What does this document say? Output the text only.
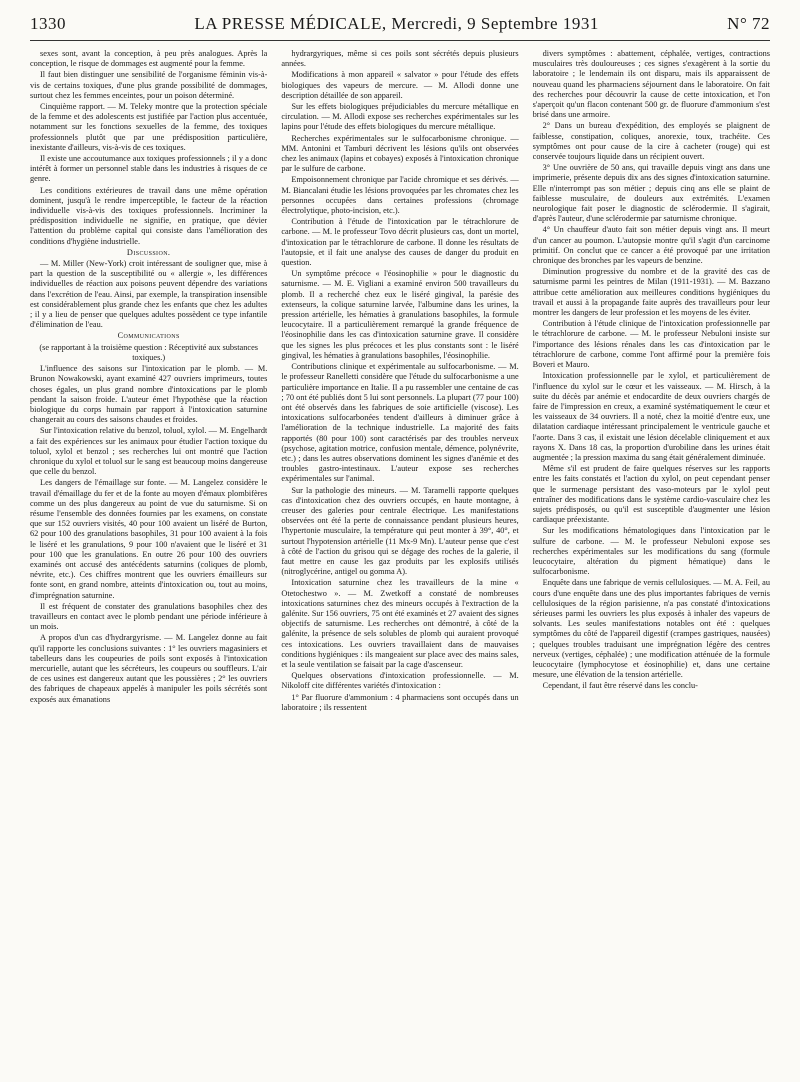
1330	LA PRESSE MÉDICALE, Mercredi, 9 Septembre 1931	N° 72

sexes sont, avant la conception, à peu près analogues. Après la conception, le risque de dommages est augmenté pour la femme.

Il faut bien distinguer une sensibilité de l'organisme féminin vis-à-vis de certains toxiques, d'une plus grande possibilité de dommages, surtout chez les femmes enceintes, pour un poison déterminé.

Cinquième rapport. — M. Teleky montre que la protection spéciale de la femme et des adolescents est justifiée par l'action plus accentuée, notamment sur les fonctions sexuelles de la femme, des toxiques professionnels plutôt que par une prédisposition particulière, inexistante d'ailleurs, vis-à-vis de ces toxiques.

Il existe une accoutumance aux toxiques professionnels ; il y a donc intérêt à former un personnel stable dans les industries à risques de ce genre.

Les conditions extérieures de travail dans une même opération dominent, jusqu'à le rendre imperceptible, le facteur de la réaction individuelle vis-à-vis des toxiques professionnels. Incriminer la prédisposition individuelle ne signifie, en pratique, que dévier l'attention du problème capital qui consiste dans l'amélioration des conditions d'hygiène industrielle.

Discussion.

— M. Miller (New-York) croit intéressant de souligner que, mise à part la question de la susceptibilité ou « allergie », les différences individuelles de réaction aux poisons peuvent dépendre des variations dans l'excrétion de l'eau. Ainsi, par exemple, la transpiration insensible est considérablement plus grande chez les enfants que chez les adultes ; il y a lieu de penser que quelques adultes possèdent ce type infantile d'élimination de l'eau.

Communications

(se rapportant à la troisième question : Réceptivité aux substances toxiques.)

L'influence des saisons sur l'intoxication par le plomb. — M. Brunon Nowakowski, ayant examiné 427 ouvriers imprimeurs, toutes choses égales, un plus grand nombre d'intoxications par le plomb pendant la saison froide. L'auteur émet l'hypothèse que la réaction biologique du corps humain par rapport à l'intoxication saturnine changerait au cours des saisons chaudes et froides.

Sur l'intoxication relative du benzol, toluol, xylol. — M. Engelhardt a fait des expériences sur les animaux pour étudier l'action toxique du toluol, xylol et benzol ; ses recherches lui ont montré que l'action chronique du xylol et toluol sur le sang est beaucoup moins dangereuse que celle du benzol.

Les dangers de l'émaillage sur fonte. — M. Langelez considère le travail d'émaillage du fer et de la fonte au moyen d'émaux plombifères comme un des plus dangereux au point de vue du saturnisme. Si on résume l'ensemble des données fournies par les examens, on constate que sur 152 ouvriers visités, 40 pour 100 avaient un liséré de Burton, 62 pour 100 des granulations basophiles, 31 pour 100 avaient à la fois le liséré et les granulations, 9 pour 100 n'avaient que le liséré et 31 pour 100 que les granulations. En outre 26 pour 100 des ouvriers examinés ont accusé des antécédents saturnins (coliques de plomb, névrite, etc.). Ces chiffres montrent que les ouvriers émailleurs sur fonte sont, en grand nombre, atteints d'intoxication ou, tout au moins, d'imprégnation saturnine.

Il est fréquent de constater des granulations basophiles chez des travailleurs en contact avec le plomb pendant une période inférieure à un mois.

A propos d'un cas d'hydrargyrisme. — M. Langelez donne au fait qu'il rapporte les conclusions suivantes : 1° les ouvriers magasiniers et tabelleurs dans les coupeuries de poils sont exposés à l'intoxication mercurielle, autant que les sécréteurs, les coupeurs ou souffleurs. L'air de ces usines est dangereux autant que les poussières ; 2° les ouvriers des fabriques de chapeaux appelés à manipuler les poils sécrétés sont exposés aux émanations

hydrargyriques, même si ces poils sont sécrétés depuis plusieurs années.

Modifications à mon appareil « salvator » pour l'étude des effets biologiques des vapeurs de mercure. — M. Allodi donne une description détaillée de son appareil.

Sur les effets biologiques préjudiciables du mercure métallique en circulation. — M. Allodi expose ses recherches expérimentales sur les lapins pour l'étude des effets biologiques du mercure métallique.

Recherches expérimentales sur le sulfocarbonisme chronique. — MM. Antonini et Tamburi décrivent les lésions qu'ils ont observées chez les animaux (lapins et cobayes) exposés à l'intoxication chronique par le sulfure de carbone.

Empoisonnement chronique par l'acide chromique et ses dérivés. — M. Biancalani étudie les lésions provoquées par les chromates chez les personnes occupées dans certaines professions (chromage électrolytique, photo-incision, etc.).

Contribution à l'étude de l'intoxication par le tétrachlorure de carbone. — M. le professeur Tovo décrit plusieurs cas, dont un mortel, d'intoxication par le tétrachlorure de carbone. Il donne les résultats de l'autopsie, et il fait une analyse des causes de danger du produit en question.

Un symptôme précoce « l'éosinophilie » pour le diagnostic du saturnisme. — M. E. Vigliani a examiné environ 500 travailleurs du plomb. Il a recherché chez eux le liséré gingival, la parésie des extenseurs, la colique saturnine larvée, l'albumine dans les urines, la pression artérielle, les hématies à granulations basophiles, la formule leucocytaire. Il a particulièrement remarqué la grande fréquence de l'éosinophilie dans les cas d'intoxication saturnine grave. Il considère que les signes les plus précoces et les plus constants sont : le liséré gingival, les hématies à granulations basophiles, l'éosinophilie.

Contributions clinique et expérimentale au sulfocarbonisme. — M. le professeur Ranelletti considère que l'étude du sulfocarbonisme a une particulière importance en Italie. Il a pu rassembler une centaine de cas ; 70 ont été publiés dont 5 lui sont personnels. La plupart (77 pour 100) ont été observés dans les fabriques de soie artificielle (viscose). Les intoxications sulfocarbonées tendent d'ailleurs à diminuer grâce à l'amélioration de la technique industrielle. La majorité des faits rapportés (80 pour 100) sont caractérisés par des troubles nerveux (psychose, agitation motrice, confusion mentale, démence, polynévrite, etc.) ; dans les autres observations dominent les signes d'anémie et des troubles gastro-intestinaux. L'auteur expose ses recherches expérimentales sur l'animal.

Sur la pathologie des mineurs. — M. Taramelli rapporte quelques cas d'intoxication chez des ouvriers occupés, en haute montagne, à creuser des galeries pour centrale électrique. Les manifestations observées ont été la perte de connaissance pendant plusieurs heures, l'hypertonie musculaire, la température qui peut monter à 39°, 40°, et surtout l'hypotension artérielle (11 Mx-9 Mn). L'auteur pense que c'est à côté de l'action du grisou qui se dégage des roches de la galerie, il faut mettre en cause les gaz produits par les explosifs utilisés (nitroglycérine, antigel ou gomma A).

Intoxication saturnine chez les travailleurs de la mine « Otetochestwo ». — M. Zwetkoff a constaté de nombreuses intoxications saturnines chez des mineurs occupés à l'extraction de la galénite. Sur 156 ouvriers, 75 ont été examinés et 27 avaient des signes objectifs de saturnisme. Les recherches ont démontré, à côté de la galénite, la présence de sels solubles de plomb qui auraient provoqué ces intoxications. Les ouvriers travaillaient dans de mauvaises conditions hygiéniques : ils mangeaient sur place avec des mains sales, et la seule ventilation se faisait par la cage d'ascenseur.

Quelques observations d'intoxication professionnelle. — M. Nikoloff cite différentes variétés d'intoxication :

1° Par fluorure d'ammonium : 4 pharmaciens sont occupés dans un laboratoire ; ils ressentent

divers symptômes : abattement, céphalée, vertiges, contractions musculaires très douloureuses ; ces signes s'exagèrent à la sortie du laboratoire ; le lendemain ils ont disparu, mais ils apparaissent de nouveau quand les pharmaciens séjournent dans le laboratoire. On fait des recherches pour découvrir la cause de cette intoxication, et l'on s'aperçoit qu'un flacon contenant 500 gr. de fluorure d'ammonium s'est brisé dans une armoire.

2° Dans un bureau d'expédition, des employés se plaignent de faiblesse, constipation, coliques, anorexie, toux, trachéite. Ces symptômes ont pour cause de la cire à cacheter (rouge) qui est conservée toujours liquide dans un récipient ouvert.

3° Une ouvrière de 50 ans, qui travaille depuis vingt ans dans une imprimerie, présente depuis dix ans des signes d'intoxication saturnine. Elle n'interrompt pas son métier ; depuis cinq ans elle se plaint de faiblesse musculaire, de douleurs aux extrémités. L'examen neurologique fait poser le diagnostic de sclérodermie. Il s'agirait, d'après l'auteur, d'une sclérodermie par saturnisme chronique.

4° Un chauffeur d'auto fait son métier depuis vingt ans. Il meurt d'un cancer au poumon. L'autopsie montre qu'il s'agit d'un carcinome primitif. On conclut que ce cancer a été provoqué par une irritation chronique des bronches par les vapeurs de benzine.

Diminution progressive du nombre et de la gravité des cas de saturnisme parmi les peintres de Milan (1911-1931). — M. Bazzano attribue cette amélioration aux meilleures conditions hygiéniques du travail et aussi à la propagande faite auprès des travailleurs pour leur montrer les dangers de leur profession et les moyens de les éviter.

Contribution à l'étude clinique de l'intoxication professionnelle par le tétrachlorure de carbone. — M. le professeur Nebuloni insiste sur l'importance des lésions rénales dans les cas d'intoxication par le tétrachlorure de carbone, comme l'ont affirmé pour la première fois Boveri et Mauro.

Intoxication professionnelle par le xylol, et particulièrement de l'influence du xylol sur le cœur et les vaisseaux. — M. Hirsch, à la suite du décès par anémie et endocardite de deux ouvriers chargés de faire de l'impression en creux, a examiné systématiquement le cœur et les vaisseaux de 34 ouvriers. Il a noté, chez la moitié d'entre eux, une dilatation cardiaque intéressant principalement le ventricule gauche et l'aorte. Dans 3 cas, il existait une lésion décelable cliniquement et aux rayons X. Dans 18 cas, la proportion d'urobiline dans les urines était augmentée ; la pression maxima du sang était généralement diminuée.

Même s'il est prudent de faire quelques réserves sur les rapports entre les faits constatés et l'action du xylol, on peut cependant penser que le surmenage persistant des vaso-moteurs par le xylol peut entraîner des modifications dans le système cardio-vasculaire chez les sujets prédisposés, ou qu'il est susceptible d'augmenter une lésion cardiaque préexistante.

Sur les modifications hématologiques dans l'intoxication par le sulfure de carbone. — M. le professeur Nebuloni expose ses recherches expérimentales sur les modifications du sang (formule leucocytaire, altération du pigment hématique) dans le sulfocarbonisme.

Enquête dans une fabrique de vernis cellulosiques. — M. A. Feil, au cours d'une enquête dans une des plus importantes fabriques de vernis cellulosiques de la région parisienne, n'a pas constaté d'intoxications sérieuses parmi les ouvriers les plus exposés à inhaler des vapeurs de solvants. Les seules manifestations notables ont été : quelques symptômes du côté de l'appareil digestif (crampes gastriques, nausées) ; quelques troubles traduisant une imprégnation légère des centres nerveux (vertiges, céphalée) ; une modification atténuée de la formule leucocytaire (lymphocytose et éosinophilie) et, dans une certaine mesure, une élévation de la tension artérielle.

Cependant, il faut être réservé dans les conclu-
